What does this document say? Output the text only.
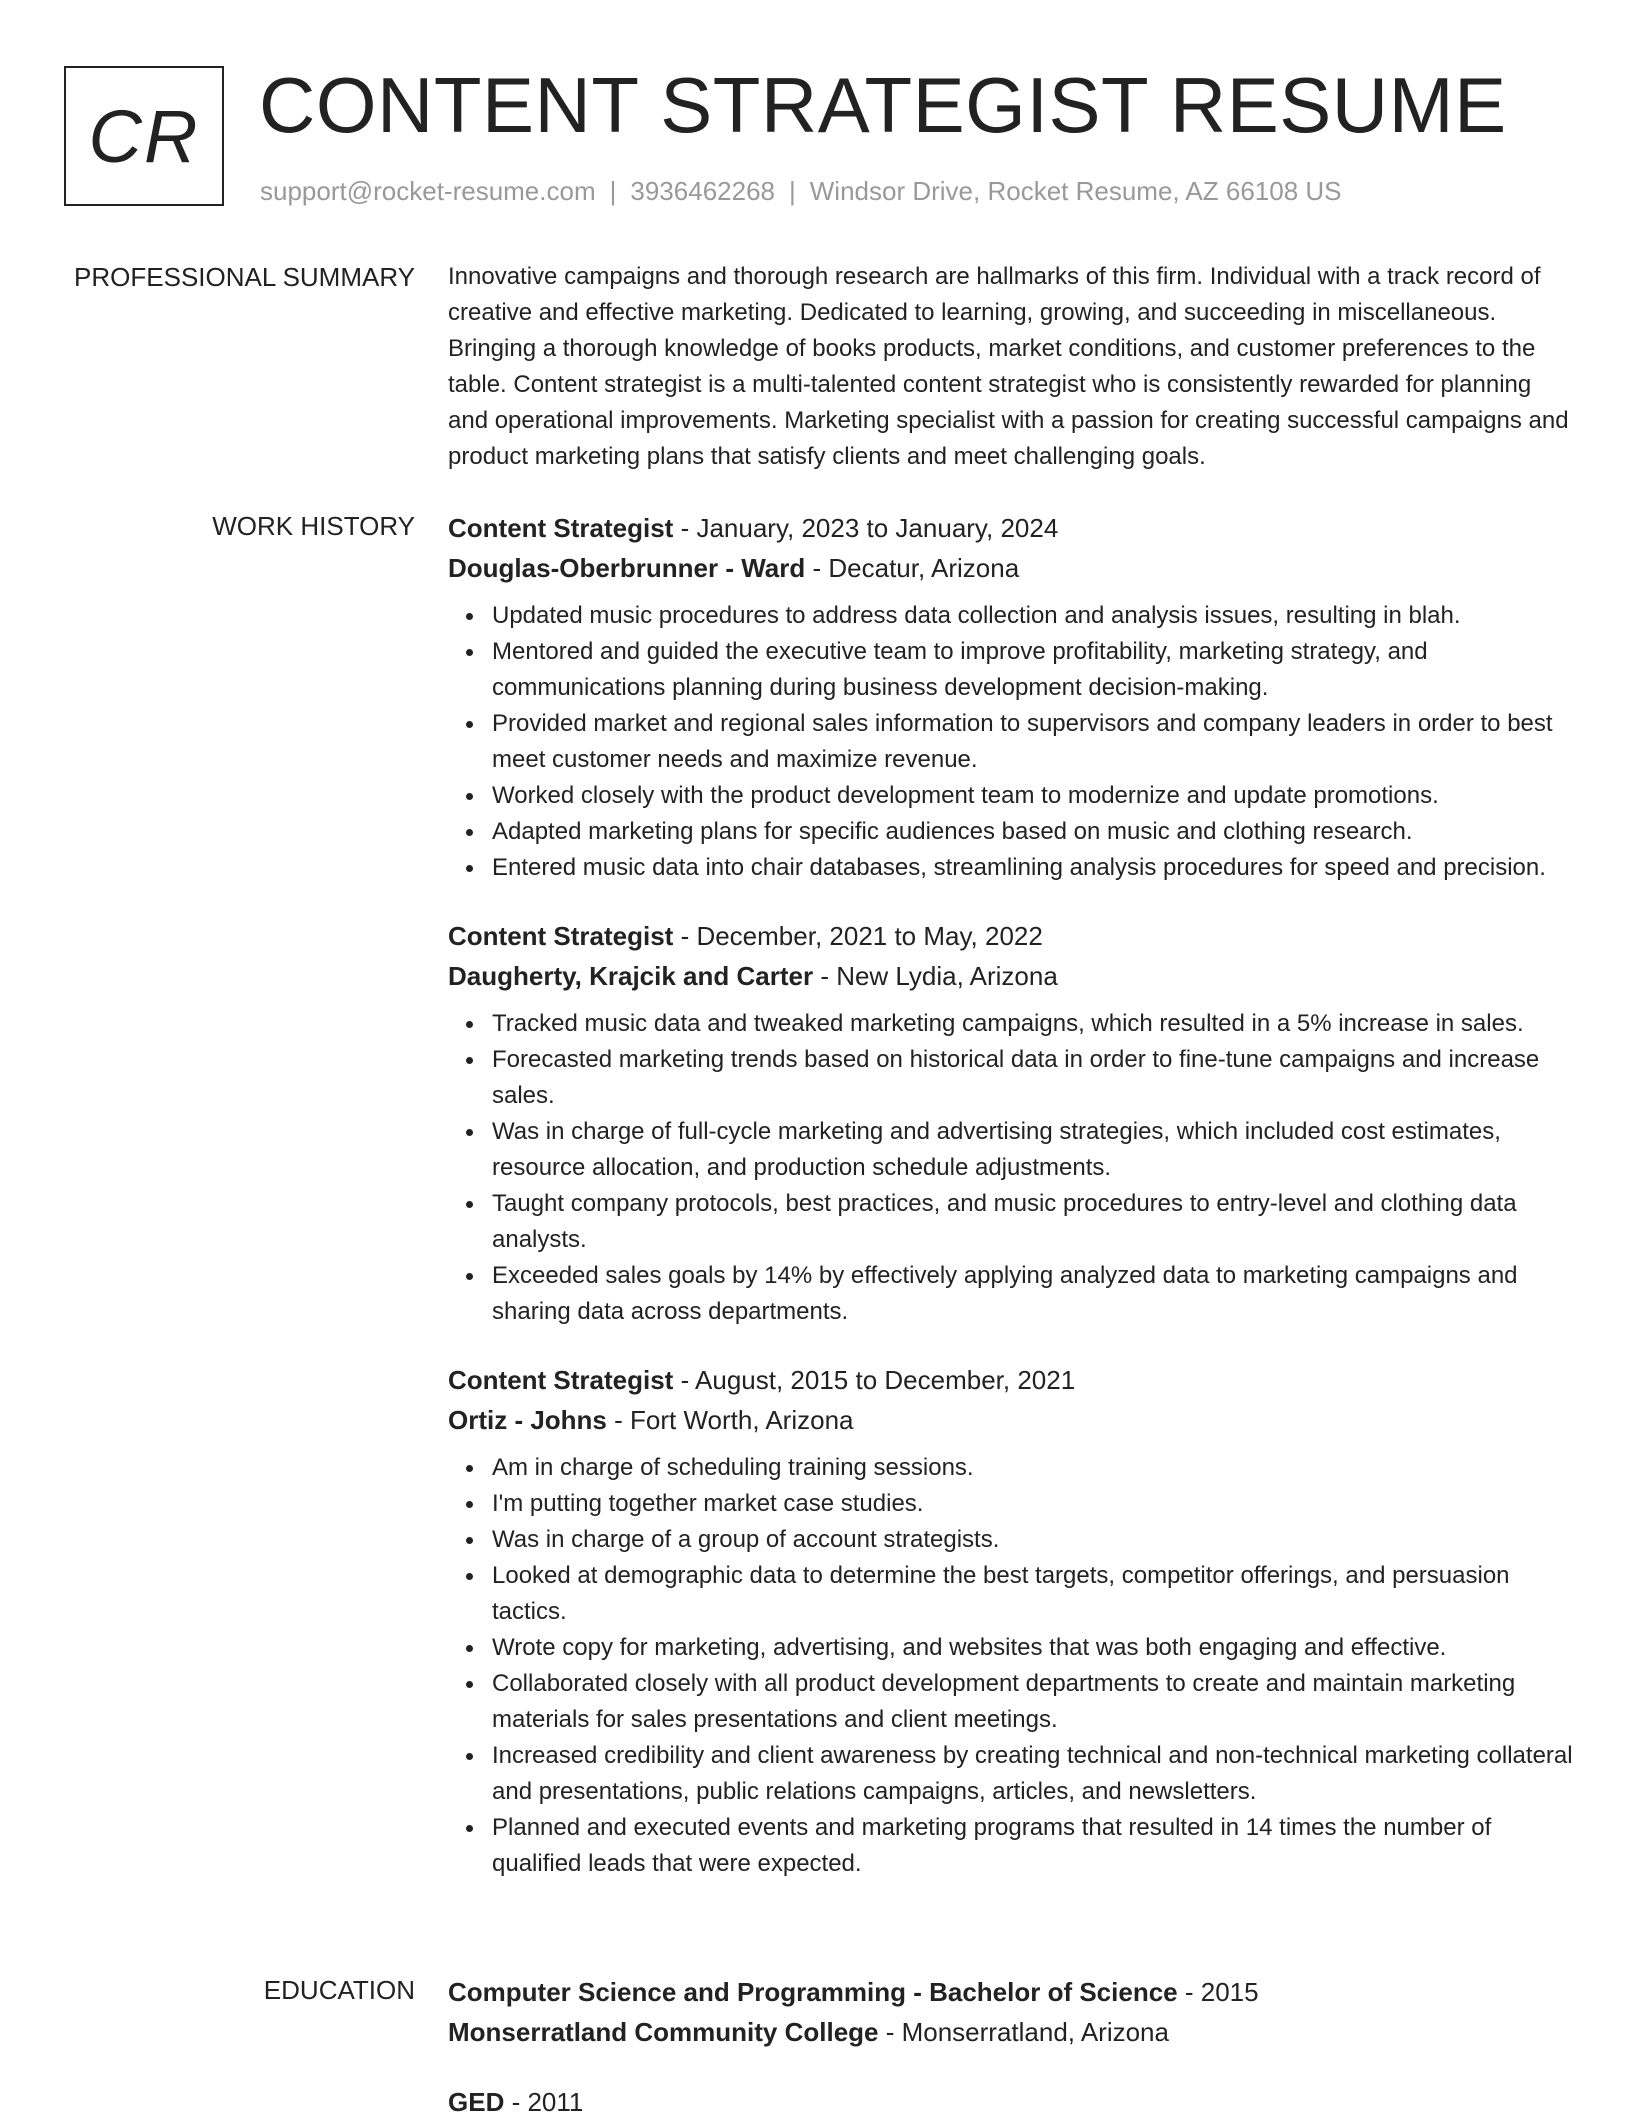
CR CONTENT STRATEGIST RESUME
support@rocket-resume.com | 3936462268 | Windsor Drive, Rocket Resume, AZ 66108 US
PROFESSIONAL SUMMARY Innovative campaigns and thorough research are hallmarks of this firm. Individual with a track record of creative and effective marketing. Dedicated to learning, growing, and succeeding in miscellaneous. Bringing a thorough knowledge of books products, market conditions, and customer preferences to the table. Content strategist is a multi-talented content strategist who is consistently rewarded for planning and operational improvements. Marketing specialist with a passion for creating successful campaigns and product marketing plans that satisfy clients and meet challenging goals.

WORK HISTORY Content Strategist - January, 2023 to January, 2024
Douglas-Oberbrunner - Ward - Decatur, Arizona
Updated music procedures to address data collection and analysis issues, resulting in blah.
Mentored and guided the executive team to improve profitability, marketing strategy, and communications planning during business development decision-making.
Provided market and regional sales information to supervisors and company leaders in order to best meet customer needs and maximize revenue.
Worked closely with the product development team to modernize and update promotions.
Adapted marketing plans for specific audiences based on music and clothing research.
Entered music data into chair databases, streamlining analysis procedures for speed and precision.
Content Strategist - December, 2021 to May, 2022
Daugherty, Krajcik and Carter - New Lydia, Arizona
Tracked music data and tweaked marketing campaigns, which resulted in a 5% increase in sales.
Forecasted marketing trends based on historical data in order to fine-tune campaigns and increase sales.
Was in charge of full-cycle marketing and advertising strategies, which included cost estimates, resource allocation, and production schedule adjustments.
Taught company protocols, best practices, and music procedures to entry-level and clothing data analysts.
Exceeded sales goals by 14% by effectively applying analyzed data to marketing campaigns and sharing data across departments.
Content Strategist - August, 2015 to December, 2021
Ortiz - Johns - Fort Worth, Arizona
Am in charge of scheduling training sessions.
I'm putting together market case studies.
Was in charge of a group of account strategists.
Looked at demographic data to determine the best targets, competitor offerings, and persuasion tactics.
Wrote copy for marketing, advertising, and websites that was both engaging and effective.
Collaborated closely with all product development departments to create and maintain marketing materials for sales presentations and client meetings.
Increased credibility and client awareness by creating technical and non-technical marketing collateral and presentations, public relations campaigns, articles, and newsletters.
Planned and executed events and marketing programs that resulted in 14 times the number of qualified leads that were expected.
EDUCATION Computer Science and Programming - Bachelor of Science - 2015
Monserratland Community College - Monserratland, Arizona
GED - 2011
